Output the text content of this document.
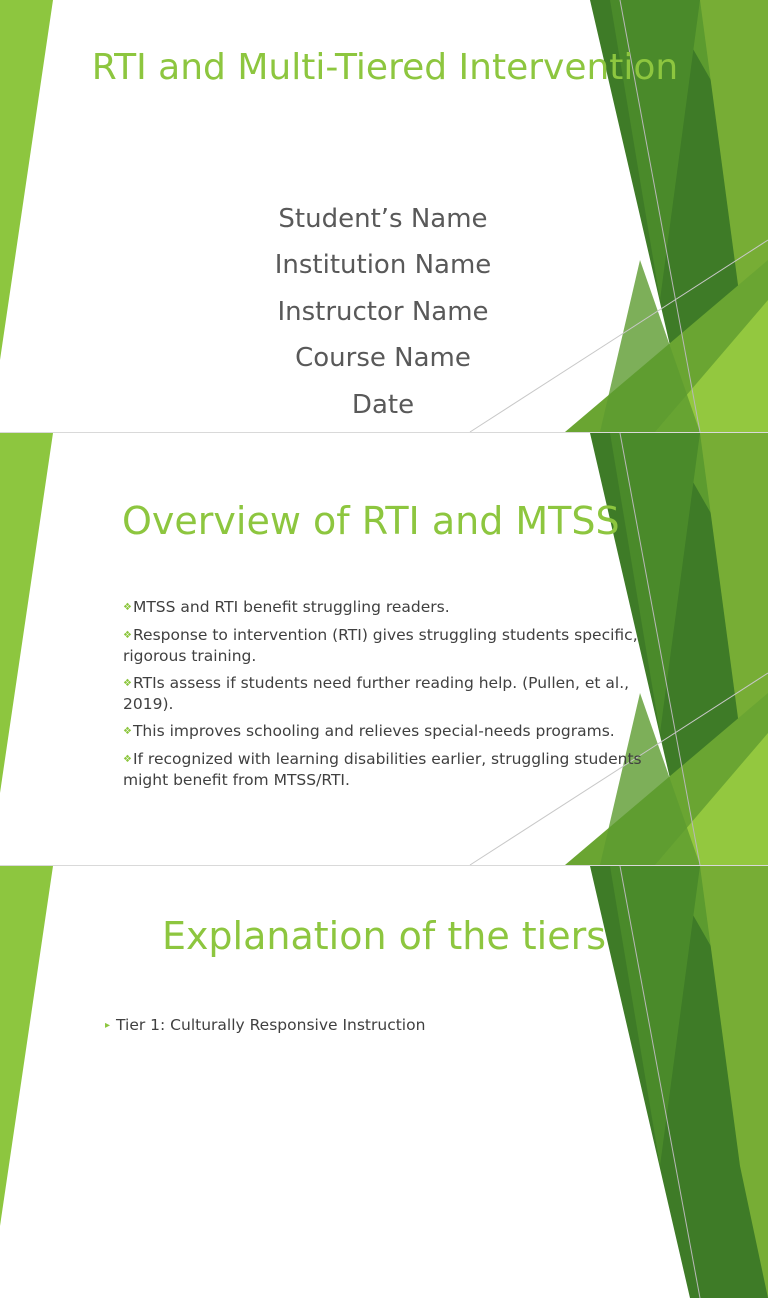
RTI and Multi-Tiered Intervention
Student’s Name
Institution Name
Instructor Name
Course Name
Date
Overview of RTI and MTSS
❖MTSS and RTI benefit struggling readers.
❖Response to intervention (RTI) gives struggling students specific, rigorous training.
❖RTIs assess if students need further reading help. (Pullen, et al., 2019).
❖This improves schooling and relieves special-needs programs.
❖If recognized with learning disabilities earlier, struggling students might benefit from MTSS/RTI.
Explanation of the tiers
▸ Tier 1: Culturally Responsive Instruction
